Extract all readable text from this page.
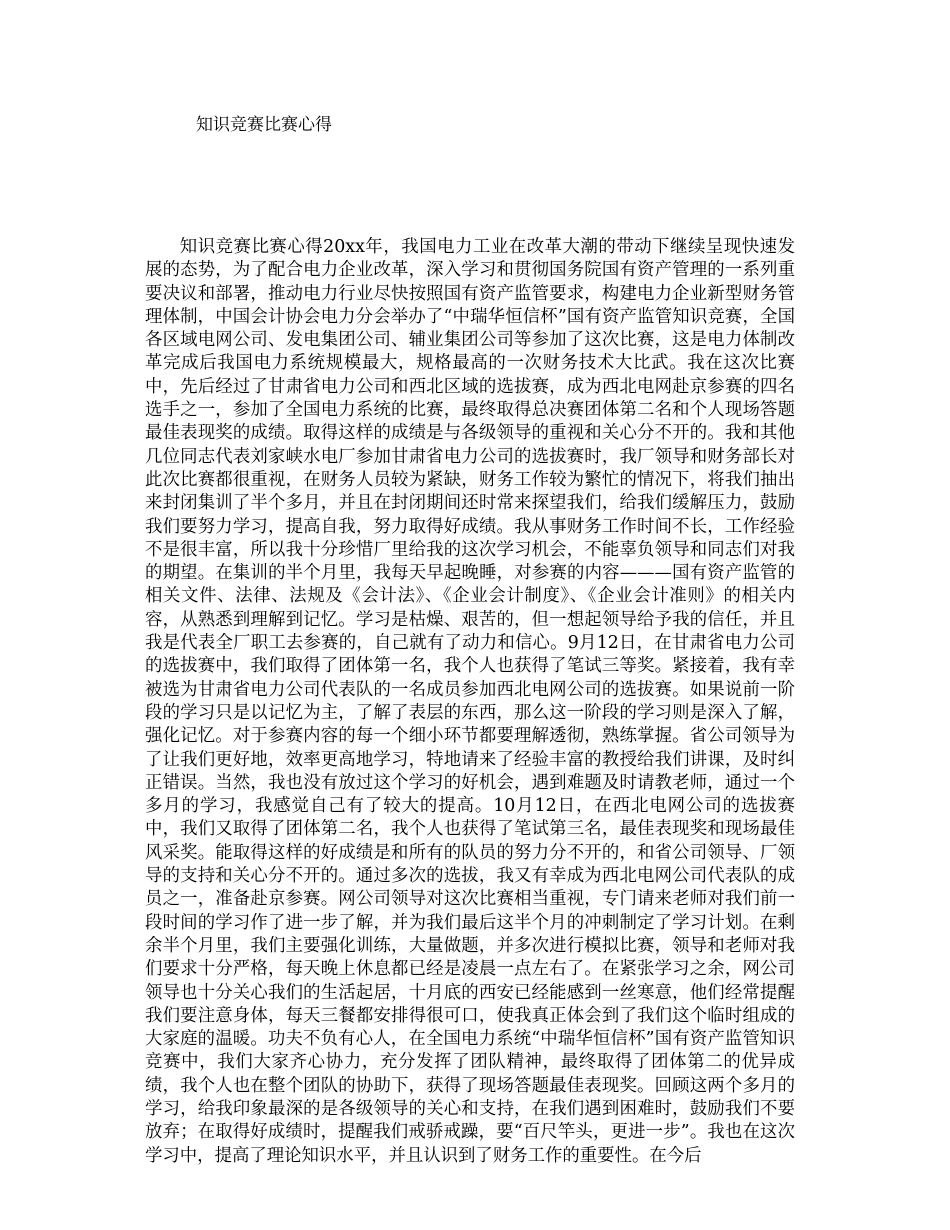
知识竞赛比赛心得

知识竞赛比赛心得20xx年，我国电力工业在改革大潮的带动下继续呈现快速发展的态势，为了配合电力企业改革，深入学习和贯彻国务院国有资产管理的一系列重要决议和部署，推动电力行业尽快按照国有资产监管要求，构建电力企业新型财务管理体制，中国会计协会电力分会举办了“中瑞华恒信杯”国有资产监管知识竞赛，全国各区域电网公司、发电集团公司、辅业集团公司等参加了这次比赛，这是电力体制改革完成后我国电力系统规模最大，规格最高的一次财务技术大比武。我在这次比赛中，先后经过了甘肃省电力公司和西北区域的选拔赛，成为西北电网赴京参赛的四名选手之一，参加了全国电力系统的比赛，最终取得总决赛团体第二名和个人现场答题最佳表现奖的成绩。取得这样的成绩是与各级领导的重视和关心分不开的。我和其他几位同志代表刘家峡水电厂参加甘肃省电力公司的选拔赛时，我厂领导和财务部长对此次比赛都很重视，在财务人员较为紧缺，财务工作较为繁忙的情况下，将我们抽出来封闭集训了半个多月，并且在封闭期间还时常来探望我们，给我们缓解压力，鼓励我们要努力学习，提高自我，努力取得好成绩。我从事财务工作时间不长，工作经验不是很丰富，所以我十分珍惜厂里给我的这次学习机会，不能辜负领导和同志们对我的期望。在集训的半个月里，我每天早起晚睡，对参赛的内容———国有资产监管的相关文件、法律、法规及《会计法》、《企业会计制度》、《企业会计准则》的相关内容，从熟悉到理解到记忆。学习是枯燥、艰苦的，但一想起领导给予我的信任，并且我是代表全厂职工去参赛的，自己就有了动力和信心。9月12日，在甘肃省电力公司的选拔赛中，我们取得了团体第一名，我个人也获得了笔试三等奖。紧接着，我有幸被选为甘肃省电力公司代表队的一名成员参加西北电网公司的选拔赛。如果说前一阶段的学习只是以记忆为主，了解了表层的东西，那么这一阶段的学习则是深入了解，强化记忆。对于参赛内容的每一个细小环节都要理解透彻，熟练掌握。省公司领导为了让我们更好地，效率更高地学习，特地请来了经验丰富的教授给我们讲课，及时纠正错误。当然，我也没有放过这个学习的好机会，遇到难题及时请教老师，通过一个多月的学习，我感觉自己有了较大的提高。10月12日，在西北电网公司的选拔赛中，我们又取得了团体第二名，我个人也获得了笔试第三名，最佳表现奖和现场最佳风采奖。能取得这样的好成绩是和所有的队员的努力分不开的，和省公司领导、厂领导的支持和关心分不开的。通过多次的选拔，我又有幸成为西北电网公司代表队的成员之一，准备赴京参赛。网公司领导对这次比赛相当重视，专门请来老师对我们前一段时间的学习作了进一步了解，并为我们最后这半个月的冲刺制定了学习计划。在剩余半个月里，我们主要强化训练，大量做题，并多次进行模拟比赛，领导和老师对我们要求十分严格，每天晚上休息都已经是凌晨一点左右了。在紧张学习之余，网公司领导也十分关心我们的生活起居，十月底的西安已经能感到一丝寒意，他们经常提醒我们要注意身体，每天三餐都安排得很可口，使我真正体会到了我们这个临时组成的大家庭的温暖。功夫不负有心人，在全国电力系统“中瑞华恒信杯”国有资产监管知识竞赛中，我们大家齐心协力，充分发挥了团队精神，最终取得了团体第二的优异成绩，我个人也在整个团队的协助下，获得了现场答题最佳表现奖。回顾这两个多月的学习，给我印象最深的是各级领导的关心和支持，在我们遇到困难时，鼓励我们不要放弃；在取得好成绩时，提醒我们戒骄戒躁，要“百尺竿头，更进一步”。我也在这次学习中，提高了理论知识水平，并且认识到了财务工作的重要性。在今后
